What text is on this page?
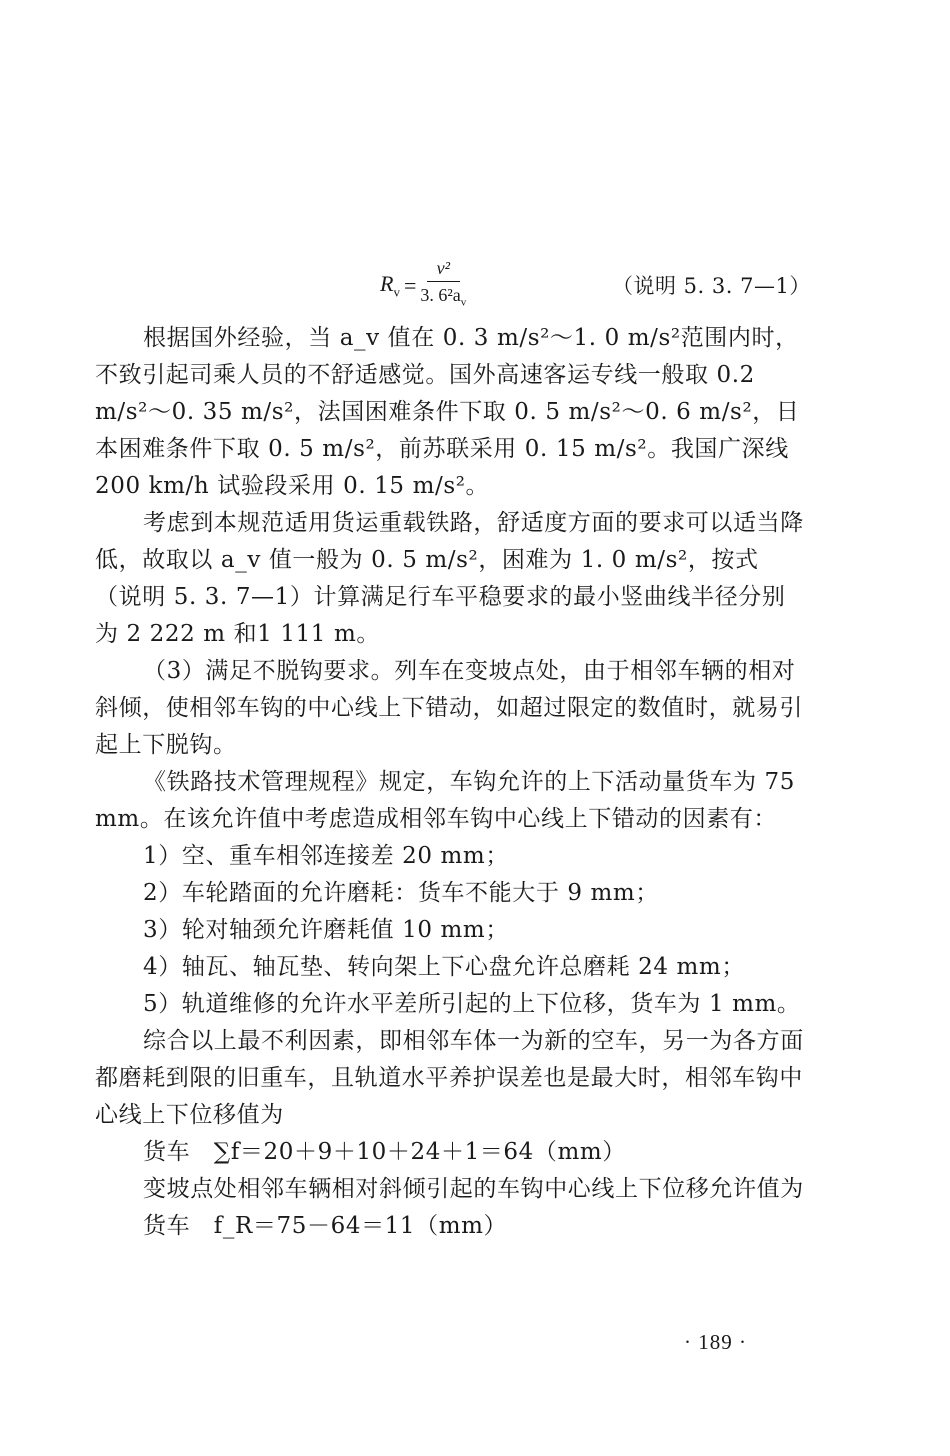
$R_v = \frac{\text{v²}}{3. 6^2a_v}$	（说明 5. 3. 7—1）

根据国外经验，当 a_v 值在 0. 3 m/s²～1. 0 m/s²范围内时，不致引起司乘人员的不舒适感觉。国外高速客运专线一般取 0.2 m/s²～0. 35 m/s²，法国困难条件下取 0. 5 m/s²～0. 6 m/s²，日本困难条件下取 0. 5 m/s²，前苏联采用 0. 15 m/s²。我国广深线 200 km/h 试验段采用 0. 15 m/s²。

考虑到本规范适用货运重载铁路，舒适度方面的要求可以适当降低，故取以 a_v 值一般为 0. 5 m/s²，困难为 1. 0 m/s²，按式（说明 5. 3. 7—1）计算满足行车平稳要求的最小竖曲线半径分别为 2 222 m 和1 111 m。

（3）满足不脱钩要求。列车在变坡点处，由于相邻车辆的相对斜倾，使相邻车钩的中心线上下错动，如超过限定的数值时，就易引起上下脱钩。

《铁路技术管理规程》规定，车钩允许的上下活动量货车为 75 mm。在该允许值中考虑造成相邻车钩中心线上下错动的因素有：

1）空、重车相邻连接差 20 mm；

2）车轮踏面的允许磨耗：货车不能大于 9 mm；

3）轮对轴颈允许磨耗值 10 mm；

4）轴瓦、轴瓦垫、转向架上下心盘允许总磨耗 24 mm；

5）轨道维修的允许水平差所引起的上下位移，货车为 1 mm。

综合以上最不利因素，即相邻车体一为新的空车，另一为各方面都磨耗到限的旧重车，且轨道水平养护误差也是最大时，相邻车钩中心线上下位移值为

货车　∑f＝20＋9＋10＋24＋1＝64（mm）

变坡点处相邻车辆相对斜倾引起的车钩中心线上下位移允许值为

货车　f_R＝75－64＝11（mm）

· 189 ·
